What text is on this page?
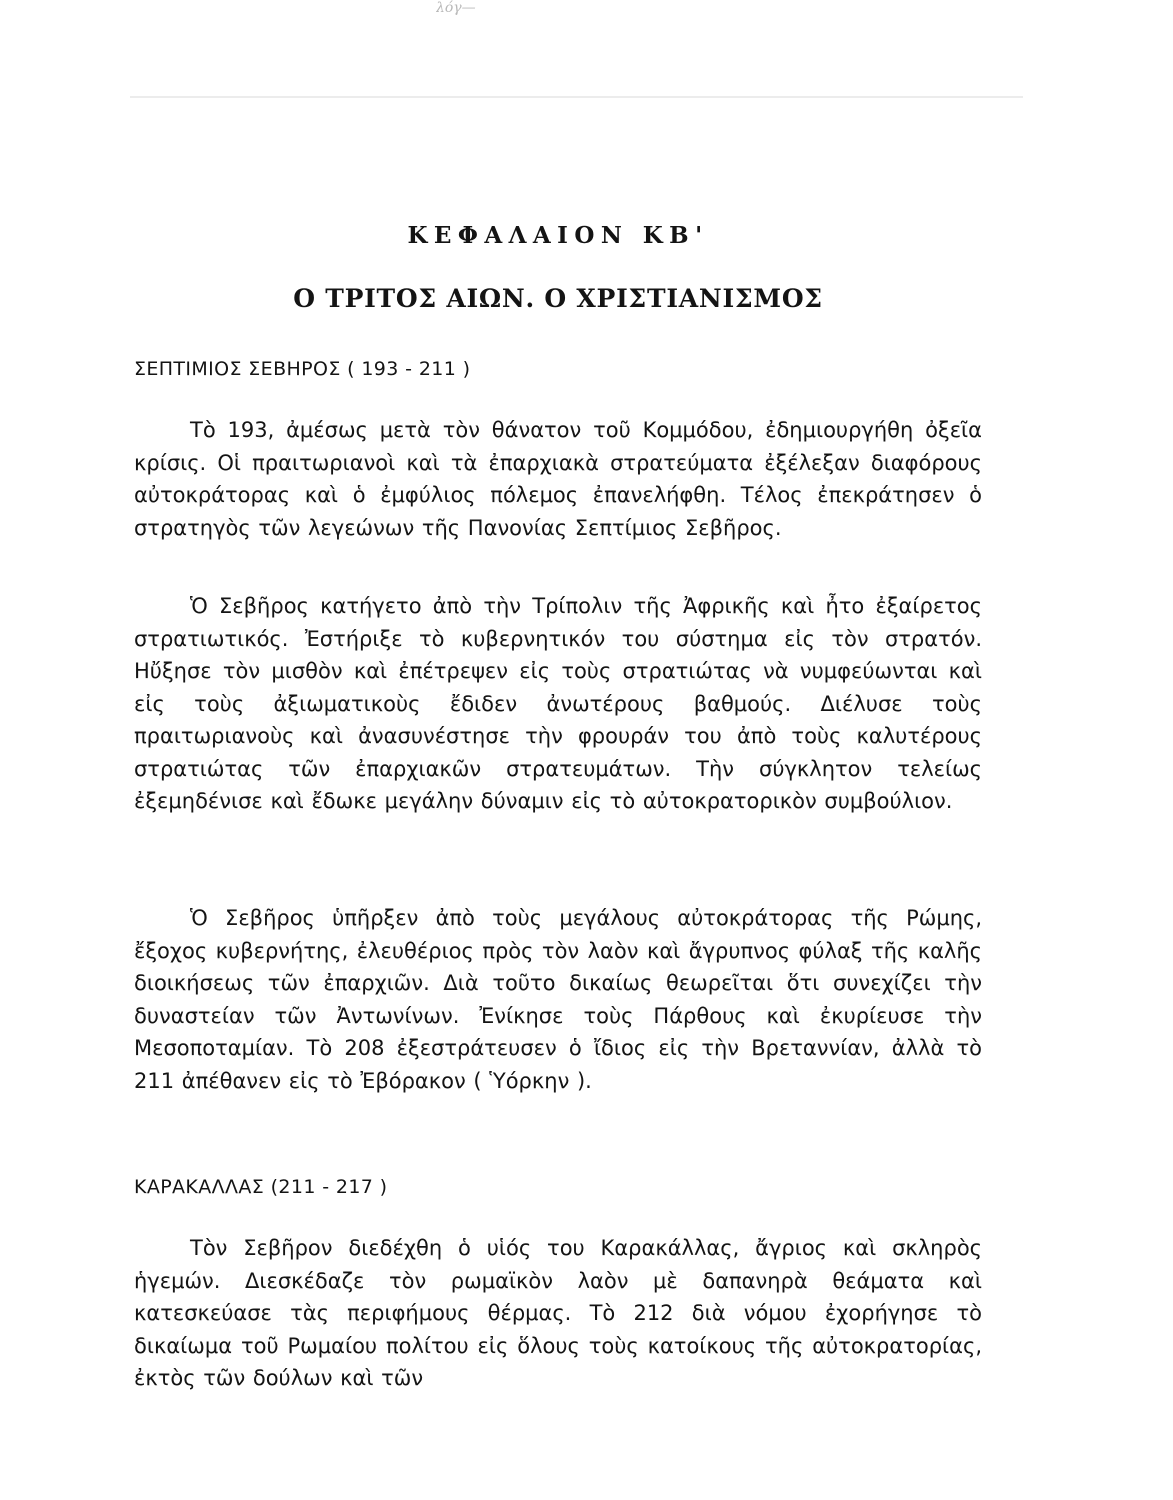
λόγ—
ΚΕΦΑΛΑΙΟΝ ΚΒ'
Ο ΤΡΙΤΟΣ ΑΙΩΝ. Ο ΧΡΙΣΤΙΑΝΙΣΜΟΣ
ΣΕΠΤΙΜΙΟΣ ΣΕΒΗΡΟΣ ( 193 - 211 )

Τὸ 193, ἀμέσως μετὰ τὸν θάνατον τοῦ Κομμόδου, ἐδημιουργήθη ὀξεῖα κρίσις. Οἱ πραιτωριανοὶ καὶ τὰ ἐπαρχιακὰ στρατεύματα ἐξέλεξαν διαφόρους αὐτοκράτορας καὶ ὁ ἐμφύλιος πόλεμος ἐπανελήφθη. Τέλος ἐπεκράτησεν ὁ στρατηγὸς τῶν λεγεώνων τῆς Πανονίας Σεπτίμιος Σεβῆρος.

Ὁ Σεβῆρος κατήγετο ἀπὸ τὴν Τρίπολιν τῆς Ἀφρικῆς καὶ ἦτο ἐξαίρετος στρατιωτικός. Ἐστήριξε τὸ κυβερνητικόν του σύστημα εἰς τὸν στρατόν. Ηὔξησε τὸν μισθὸν καὶ ἐπέτρεψεν εἰς τοὺς στρατιώτας νὰ νυμφεύωνται καὶ εἰς τοὺς ἀξιωματικοὺς ἔδιδεν ἀνωτέρους βαθμούς. Διέλυσε τοὺς πραιτωριανοὺς καὶ ἀνασυνέστησε τὴν φρουράν του ἀπὸ τοὺς καλυτέρους στρατιώτας τῶν ἐπαρχιακῶν στρατευμάτων. Τὴν σύγκλητον τελείως ἐξεμηδένισε καὶ ἔδωκε μεγάλην δύναμιν εἰς τὸ αὐτοκρατορικὸν συμβούλιον.

Ὁ Σεβῆρος ὑπῆρξεν ἀπὸ τοὺς μεγάλους αὐτοκράτορας τῆς Ρώμης, ἔξοχος κυβερνήτης, ἐλευθέριος πρὸς τὸν λαὸν καὶ ἄγρυπνος φύλαξ τῆς καλῆς διοικήσεως τῶν ἐπαρχιῶν. Διὰ τοῦτο δικαίως θεωρεῖται ὅτι συνεχίζει τὴν δυναστείαν τῶν Ἀντωνίνων. Ἐνίκησε τοὺς Πάρθους καὶ ἐκυρίευσε τὴν Μεσοποταμίαν. Τὸ 208 ἐξεστράτευσεν ὁ ἴδιος εἰς τὴν Βρεταννίαν, ἀλλὰ τὸ 211 ἀπέθανεν εἰς τὸ Ἐβόρακον ( Ὑόρκην ).

ΚΑΡΑΚΑΛΛΑΣ (211 - 217 )

Τὸν Σεβῆρον διεδέχθη ὁ υἱός του Καρακάλλας, ἄγριος καὶ σκληρὸς ἡγεμών. Διεσκέδαζε τὸν ρωμαϊκὸν λαὸν μὲ δαπανηρὰ θεάματα καὶ κατεσκεύασε τὰς περιφήμους θέρμας. Τὸ 212 διὰ νόμου ἐχορήγησε τὸ δικαίωμα τοῦ Ρωμαίου πολίτου εἰς ὅλους τοὺς κατοίκους τῆς αὐτοκρατορίας, ἐκτὸς τῶν δούλων καὶ τῶν
